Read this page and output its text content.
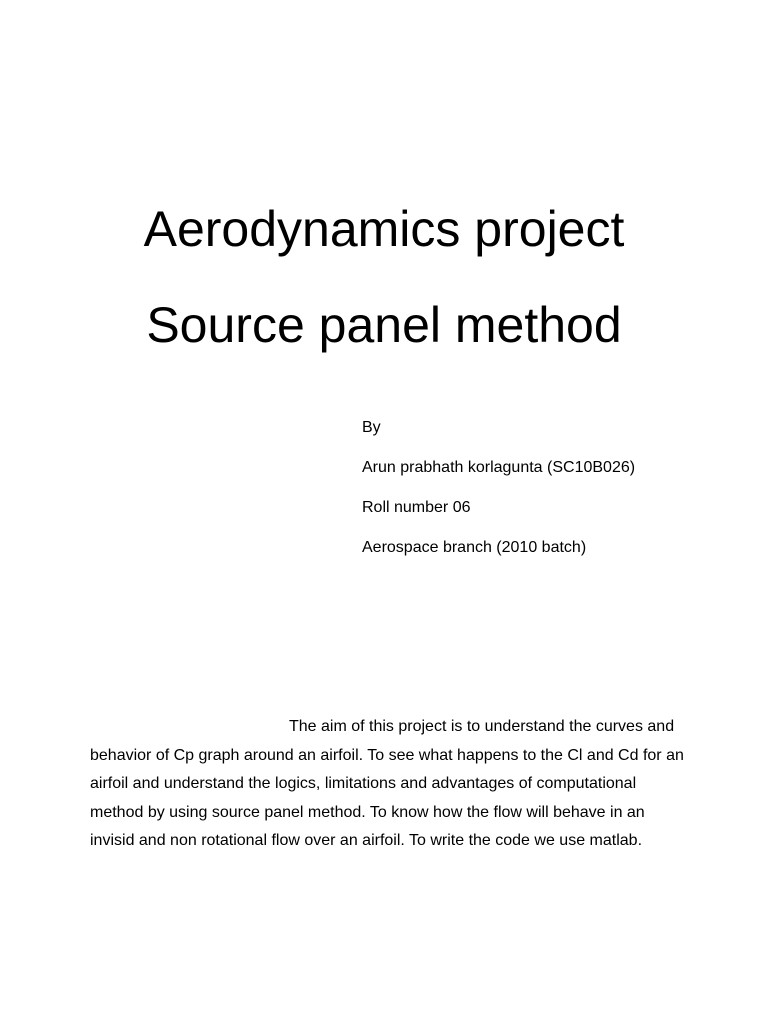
Aerodynamics project
Source panel method
By
Arun prabhath korlagunta (SC10B026)
Roll number 06
Aerospace branch (2010 batch)
The aim of this project is to understand the curves and behavior of Cp graph around an airfoil. To see what happens to the Cl and Cd for an airfoil and understand the logics, limitations and advantages of computational method by using source panel method. To know how the flow will behave in an invisid and non rotational flow over an airfoil. To write the code we use matlab.
